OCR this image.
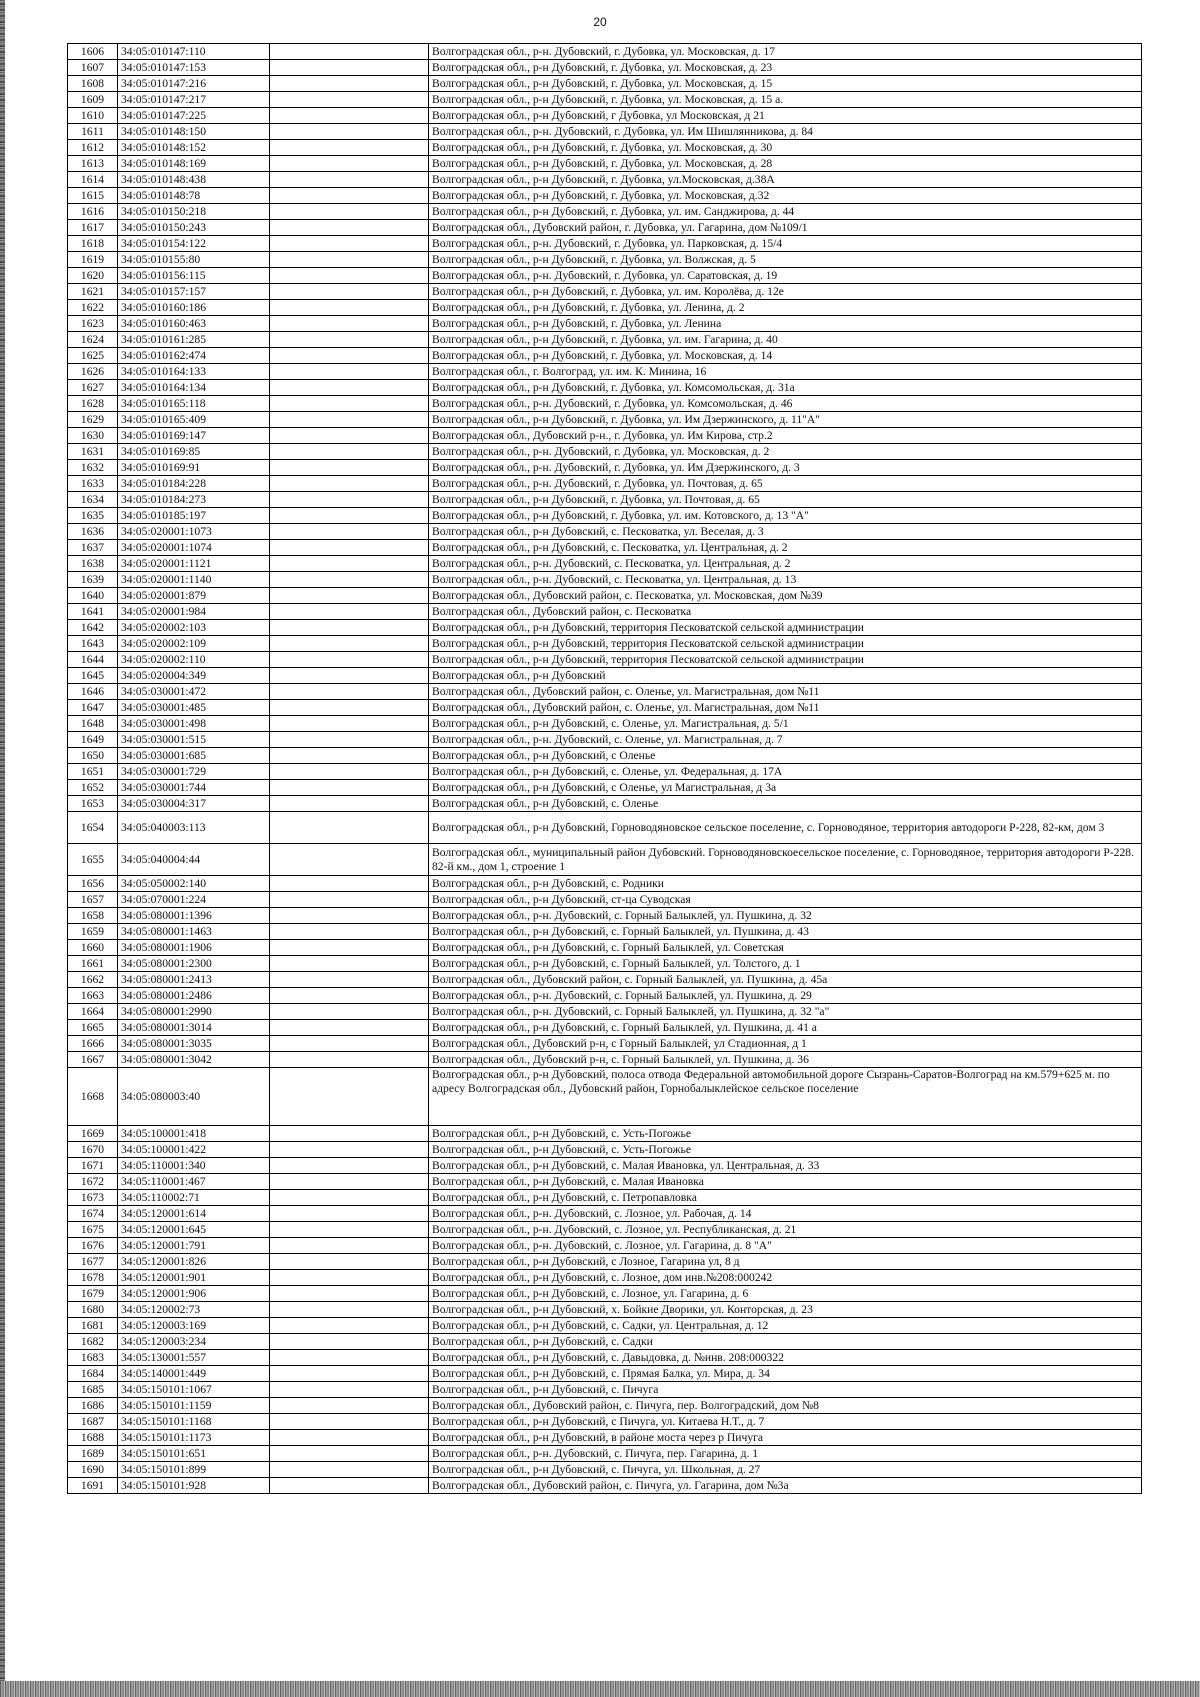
20
1606	34:05:010147:110		Волгоградская обл., р-н. Дубовский, г. Дубовка, ул. Московская, д. 17
1607	34:05:010147:153		Волгоградская обл., р-н Дубовский, г. Дубовка, ул. Московская, д. 23
1608	34:05:010147:216		Волгоградская обл., р-н Дубовский, г. Дубовка, ул. Московская, д. 15
1609	34:05:010147:217		Волгоградская обл., р-н Дубовский, г. Дубовка, ул. Московская, д. 15 а.
1610	34:05:010147:225		Волгоградская обл., р-н Дубовский, г Дубовка, ул Московская, д 21
1611	34:05:010148:150		Волгоградская обл., р-н. Дубовский, г. Дубовка, ул. Им Шишлянникова, д. 84
1612	34:05:010148:152		Волгоградская обл., р-н Дубовский, г. Дубовка, ул. Московская, д. 30
1613	34:05:010148:169		Волгоградская обл., р-н Дубовский, г. Дубовка, ул. Московская, д. 28
1614	34:05:010148:438		Волгоградская обл., р-н Дубовский, г. Дубовка, ул.Московская, д.38А
1615	34:05:010148:78		Волгоградская обл., р-н Дубовский, г. Дубовка, ул. Московская, д.32
1616	34:05:010150:218		Волгоградская обл., р-н Дубовский, г. Дубовка, ул. им. Санджирова, д. 44
1617	34:05:010150:243		Волгоградская обл., Дубовский район, г. Дубовка, ул. Гагарина, дом №109/1
1618	34:05:010154:122		Волгоградская обл., р-н. Дубовский, г. Дубовка, ул. Парковская, д. 15/4
1619	34:05:010155:80		Волгоградская обл., р-н Дубовский, г. Дубовка, ул. Волжская, д. 5
1620	34:05:010156:115		Волгоградская обл., р-н. Дубовский, г. Дубовка, ул. Саратовская, д. 19
1621	34:05:010157:157		Волгоградская обл., р-н Дубовский, г. Дубовка, ул. им. Королёва, д. 12е
1622	34:05:010160:186		Волгоградская обл., р-н Дубовский, г. Дубовка, ул. Ленина, д. 2
1623	34:05:010160:463		Волгоградская обл., р-н Дубовский, г. Дубовка, ул. Ленина
1624	34:05:010161:285		Волгоградская обл., р-н Дубовский, г. Дубовка, ул. им. Гагарина, д. 40
1625	34:05:010162:474		Волгоградская обл., р-н Дубовский, г. Дубовка, ул. Московская, д. 14
1626	34:05:010164:133		Волгоградская обл., г. Волгоград, ул. им. К. Минина, 16
1627	34:05:010164:134		Волгоградская обл., р-н Дубовский, г. Дубовка, ул. Комсомольская, д. 31а
1628	34:05:010165:118		Волгоградская обл., р-н. Дубовский, г. Дубовка, ул. Комсомольская, д. 46
1629	34:05:010165:409		Волгоградская обл., р-н Дубовский, г. Дубовка, ул. Им Дзержинского, д. 11"А"
1630	34:05:010169:147		Волгоградская обл., Дубовский р-н., г. Дубовка, ул. Им Кирова, стр.2
1631	34:05:010169:85		Волгоградская обл., р-н. Дубовский, г. Дубовка, ул. Московская, д. 2
1632	34:05:010169:91		Волгоградская обл., р-н. Дубовский, г. Дубовка, ул. Им Дзержинского, д. 3
1633	34:05:010184:228		Волгоградская обл., р-н. Дубовский, г. Дубовка, ул. Почтовая, д. 65
1634	34:05:010184:273		Волгоградская обл., р-н Дубовский, г. Дубовка, ул. Почтовая, д. 65
1635	34:05:010185:197		Волгоградская обл., р-н Дубовский, г. Дубовка, ул. им. Котовского, д. 13 "А"
1636	34:05:020001:1073		Волгоградская обл., р-н Дубовский, с. Песковатка, ул. Веселая, д. 3
1637	34:05:020001:1074		Волгоградская обл., р-н Дубовский, с. Песковатка, ул. Центральная, д. 2
1638	34:05:020001:1121		Волгоградская обл., р-н. Дубовский, с. Песковатка, ул. Центральная, д. 2
1639	34:05:020001:1140		Волгоградская обл., р-н. Дубовский, с. Песковатка, ул. Центральная, д. 13
1640	34:05:020001:879		Волгоградская обл., Дубовский район, с. Песковатка, ул. Московская, дом №39
1641	34:05:020001:984		Волгоградская обл., Дубовский район, с. Песковатка
1642	34:05:020002:103		Волгоградская обл., р-н Дубовский, территория Песковатской сельской администрации
1643	34:05:020002:109		Волгоградская обл., р-н Дубовский, территория Песковатской сельской администрации
1644	34:05:020002:110		Волгоградская обл., р-н Дубовский, территория Песковатской сельской администрации
1645	34:05:020004:349		Волгоградская обл., р-н Дубовский
1646	34:05:030001:472		Волгоградская обл., Дубовский район, с. Оленье, ул. Магистральная, дом №11
1647	34:05:030001:485		Волгоградская обл., Дубовский район, с. Оленье, ул. Магистральная, дом №11
1648	34:05:030001:498		Волгоградская обл., р-н Дубовский, с. Оленье, ул. Магистральная, д. 5/1
1649	34:05:030001:515		Волгоградская обл., р-н. Дубовский, с. Оленье, ул. Магистральная, д. 7
1650	34:05:030001:685		Волгоградская обл., р-н Дубовский, с Оленье
1651	34:05:030001:729		Волгоградская обл., р-н Дубовский, с. Оленье, ул. Федеральная, д. 17А
1652	34:05:030001:744		Волгоградская обл., р-н Дубовский, с Оленье, ул Магистральная, д 3а
1653	34:05:030004:317		Волгоградская обл., р-н Дубовский, с. Оленье
1654	34:05:040003:113		Волгоградская обл., р-н Дубовский, Горноводяновское сельское поселение, с. Горноводяное, территория автодороги Р-228, 82-км, дом 3
1655	34:05:040004:44		Волгоградская обл., муниципальный район Дубовский. Горноводяновскоесельское поселение, с. Горноводяное, территория автодороги Р-228. 82-й км., дом 1, строение 1
1656	34:05:050002:140		Волгоградская обл., р-н Дубовский, с. Родники
1657	34:05:070001:224		Волгоградская обл., р-н Дубовский, ст-ца Суводская
1658	34:05:080001:1396		Волгоградская обл., р-н. Дубовский, с. Горный Балыклей, ул. Пушкина, д. 32
1659	34:05:080001:1463		Волгоградская обл., р-н Дубовский, с. Горный Балыклей, ул. Пушкина, д. 43
1660	34:05:080001:1906		Волгоградская обл., р-н Дубовский, с. Горный Балыклей, ул. Советская
1661	34:05:080001:2300		Волгоградская обл., р-н Дубовский, с. Горный Балыклей, ул. Толстого, д. 1
1662	34:05:080001:2413		Волгоградская обл., Дубовский район, с. Горный Балыклей, ул. Пушкина, д. 45а
1663	34:05:080001:2486		Волгоградская обл., р-н. Дубовский, с. Горный Балыклей, ул. Пушкина, д. 29
1664	34:05:080001:2990		Волгоградская обл., р-н. Дубовский, с. Горный Балыклей, ул. Пушкина, д. 32 "а"
1665	34:05:080001:3014		Волгоградская обл., р-н Дубовский, с. Горный Балыклей, ул. Пушкина, д. 41 а
1666	34:05:080001:3035		Волгоградская обл., Дубовский р-н, с Горный Балыклей, ул Стадионная, д 1
1667	34:05:080001:3042		Волгоградская обл., Дубовский р-н, с. Горный Балыклей, ул. Пушкина, д. 36
1668	34:05:080003:40		Волгоградская обл., р-н Дубовский, полоса отвода Федеральной автомобильной дороге Сызрань-Саратов-Волгоград на км.579+625 м. по адресу Волгоградская обл., Дубовский район, Горнобалыклейское сельское поселение
1669	34:05:100001:418		Волгоградская обл., р-н Дубовский, с. Усть-Погожье
1670	34:05:100001:422		Волгоградская обл., р-н Дубовский, с. Усть-Погожье
1671	34:05:110001:340		Волгоградская обл., р-н Дубовский, с. Малая Ивановка, ул. Центральная, д. 33
1672	34:05:110001:467		Волгоградская обл., р-н Дубовский, с. Малая Ивановка
1673	34:05:110002:71		Волгоградская обл., р-н Дубовский, с. Петропавловка
1674	34:05:120001:614		Волгоградская обл., р-н. Дубовский, с. Лозное, ул. Рабочая, д. 14
1675	34:05:120001:645		Волгоградская обл., р-н. Дубовский, с. Лозное, ул. Республиканская, д. 21
1676	34:05:120001:791		Волгоградская обл., р-н. Дубовский, с. Лозное, ул. Гагарина, д. 8 "А"
1677	34:05:120001:826		Волгоградская обл., р-н Дубовский, с Лозное, Гагарина ул, 8 д
1678	34:05:120001:901		Волгоградская обл., р-н Дубовский, с. Лозное, дом инв.№208:000242
1679	34:05:120001:906		Волгоградская обл., р-н Дубовский, с. Лозное, ул. Гагарина, д. 6
1680	34:05:120002:73		Волгоградская обл., р-н Дубовский, х. Бойкие Дворики, ул. Конторская, д. 23
1681	34:05:120003:169		Волгоградская обл., р-н Дубовский, с. Садки, ул. Центральная, д. 12
1682	34:05:120003:234		Волгоградская обл., р-н Дубовский, с. Садки
1683	34:05:130001:557		Волгоградская обл., р-н Дубовский, с. Давыдовка, д. №инв. 208:000322
1684	34:05:140001:449		Волгоградская обл., р-н Дубовский, с. Прямая Балка, ул. Мира, д. 34
1685	34:05:150101:1067		Волгоградская обл., р-н Дубовский, с. Пичуга
1686	34:05:150101:1159		Волгоградская обл., Дубовский район, с. Пичуга, пер. Волгоградский, дом №8
1687	34:05:150101:1168		Волгоградская обл., р-н Дубовский, с Пичуга, ул. Китаева Н.Т., д. 7
1688	34:05:150101:1173		Волгоградская обл., р-н Дубовский, в районе моста через р Пичуга
1689	34:05:150101:651		Волгоградская обл., р-н. Дубовский, с. Пичуга, пер. Гагарина, д. 1
1690	34:05:150101:899		Волгоградская обл., р-н Дубовский, с. Пичуга, ул. Школьная, д. 27
1691	34:05:150101:928		Волгоградская обл., Дубовский район, с. Пичуга, ул. Гагарина, дом №3а
